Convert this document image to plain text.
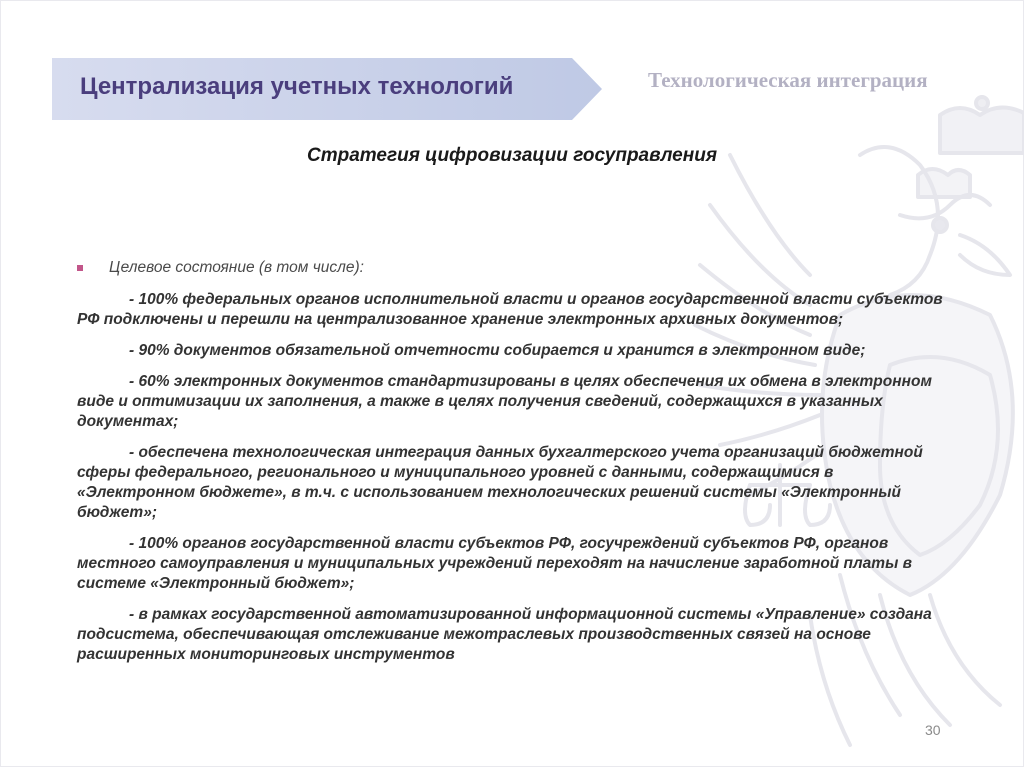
Централизация учетных технологий	Технологическая интеграция
Стратегия цифровизации госуправления
Целевое состояние (в том числе):

- 100% федеральных органов исполнительной власти и органов государственной власти субъектов РФ подключены и перешли на централизованное хранение электронных архивных документов;

- 90% документов обязательной отчетности собирается и хранится в электронном виде;

- 60% электронных документов стандартизированы в целях обеспечения их обмена в электронном виде и оптимизации их заполнения, а также в целях получения сведений, содержащихся в указанных документах;

- обеспечена технологическая интеграция данных бухгалтерского учета организаций бюджетной сферы федерального, регионального и муниципального уровней с данными, содержащимися в «Электронном бюджете», в т.ч. с использованием технологических решений системы «Электронный бюджет»;

- 100% органов государственной власти субъектов РФ, госучреждений субъектов РФ, органов местного самоуправления и муниципальных учреждений переходят на начисление заработной платы в системе «Электронный бюджет»;

- в рамках государственной автоматизированной информационной системы «Управление» создана подсистема, обеспечивающая отслеживание межотраслевых производственных связей на основе расширенных мониторинговых инструментов

30
